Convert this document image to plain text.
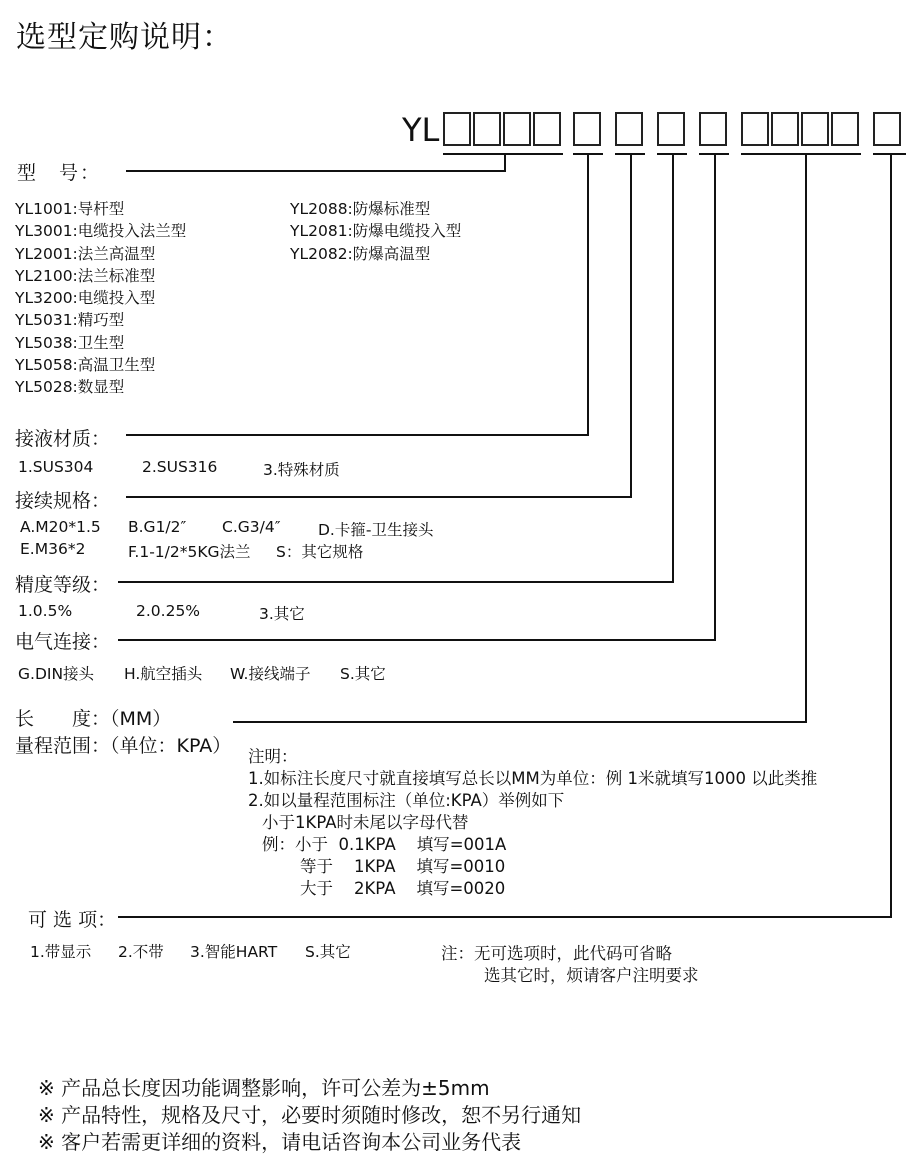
选型定购说明：
YL
型　号：
YL1001:导杆型
YL3001:电缆投入法兰型
YL2001:法兰高温型
YL2100:法兰标准型
YL3200:电缆投入型
YL5031:精巧型
YL5038:卫生型
YL5058:高温卫生型
YL5028:数显型
YL2088:防爆标准型
YL2081:防爆电缆投入型
YL2082:防爆高温型
接液材质：
1.SUS304	2.SUS316	3.特殊材质
接续规格：
A.M20*1.5 B.G1/2″ C.G3/4″ D.卡箍-卫生接头
E.M36*2	F.1-1/2*5KG法兰 S：其它规格
精度等级：
1.0.5%	2.0.25%	3.其它
电气连接：
G.DIN接头 H.航空插头 W.接线端子 S.其它
长　　度：（MM）
量程范围：（单位：KPA） 注明：
1.如标注长度尺寸就直接填写总长以MM为单位：例 1米就填写1000 以此类推
2.如以量程范围标注（单位:KPA）举例如下
小于1KPA时未尾以字母代替
例：小于  0.1KPA    填写=001A
等于    1KPA    填写=0010
大于    2KPA    填写=0020
可 选 项：
1.带显示 2.不带 3.智能HART S.其它	注：无可选项时，此代码可省略
选其它时，烦请客户注明要求
※ 产品总长度因功能调整影响，许可公差为±5mm
※ 产品特性，规格及尺寸，必要时须随时修改，恕不另行通知
※ 客户若需更详细的资料，请电话咨询本公司业务代表
